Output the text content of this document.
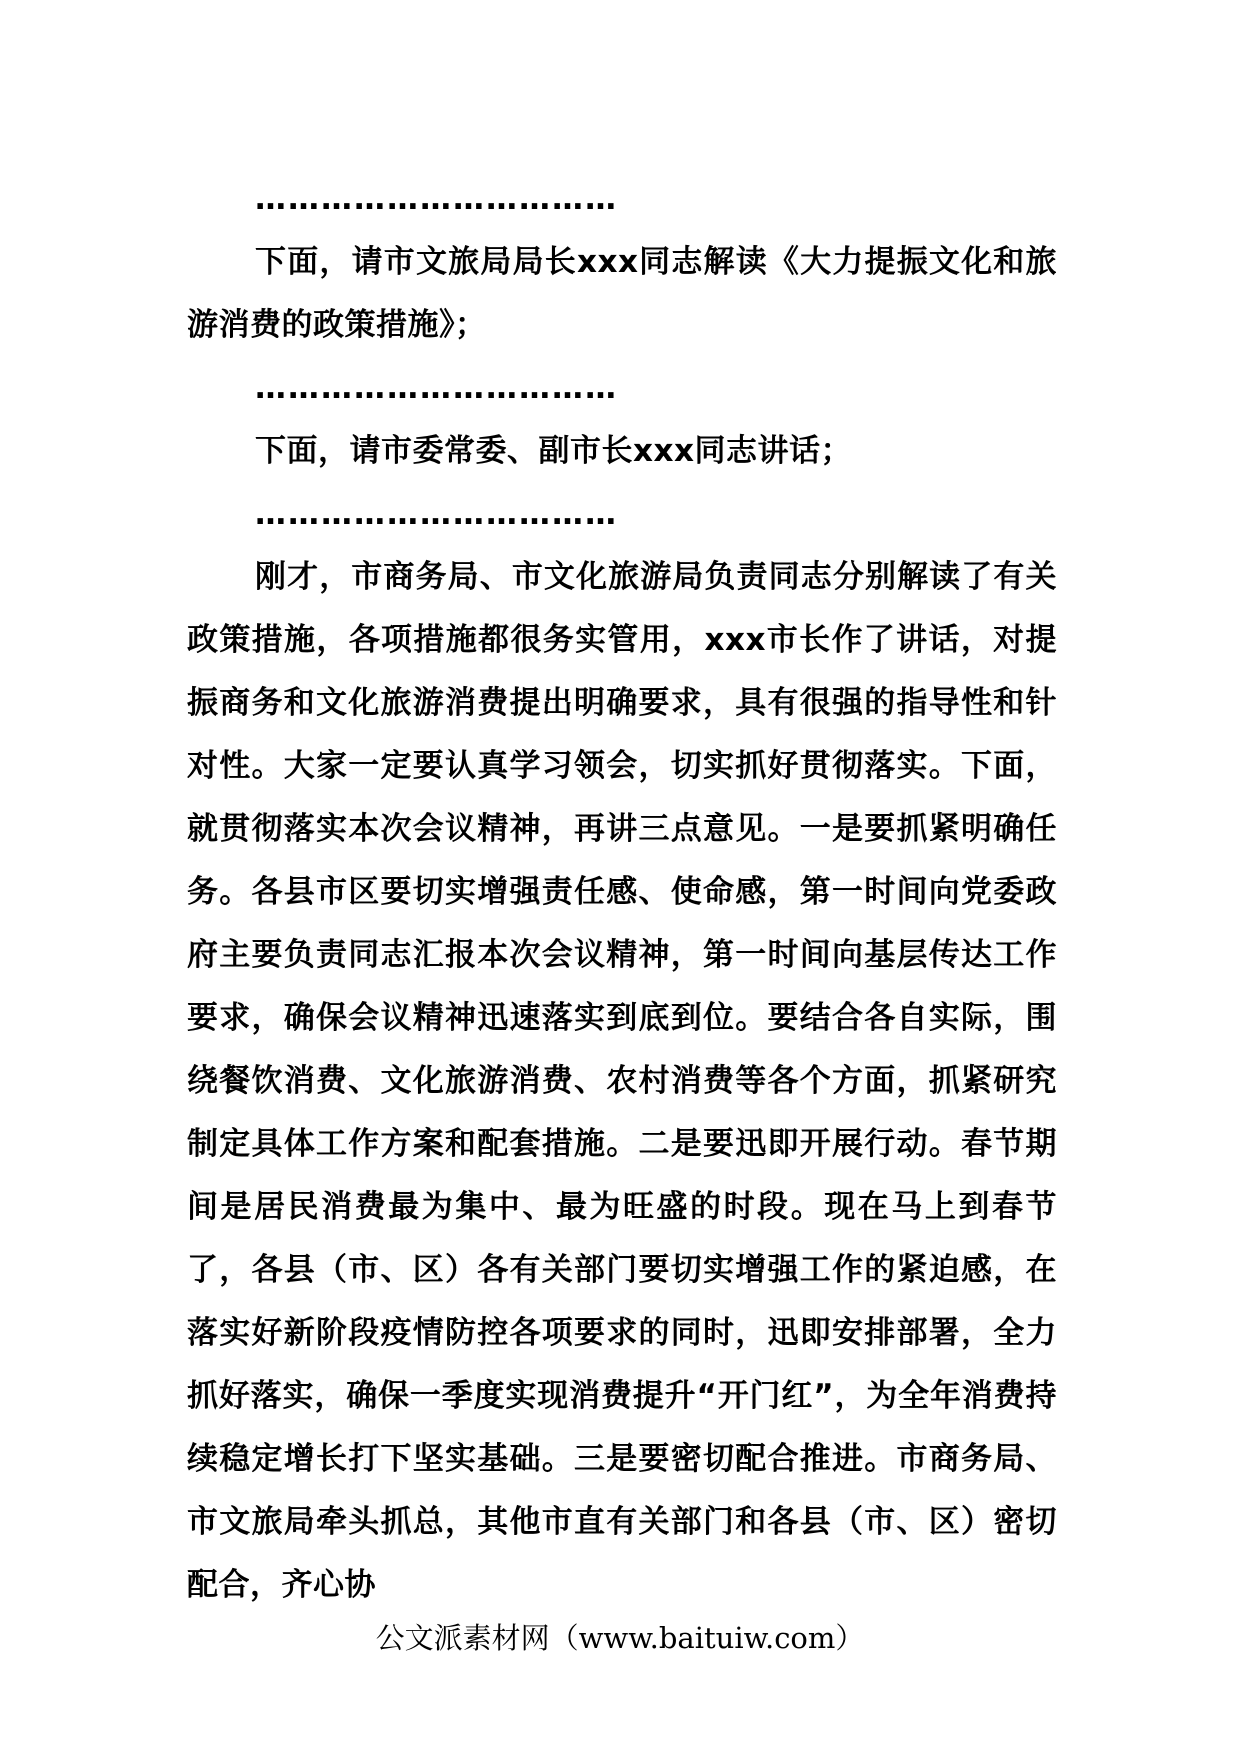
……………………………

下面，请市文旅局局长xxx同志解读《大力提振文化和旅游消费的政策措施》；

……………………………

下面，请市委常委、副市长xxx同志讲话；

……………………………

刚才，市商务局、市文化旅游局负责同志分别解读了有关政策措施，各项措施都很务实管用，xxx市长作了讲话，对提振商务和文化旅游消费提出明确要求，具有很强的指导性和针对性。大家一定要认真学习领会，切实抓好贯彻落实。下面，就贯彻落实本次会议精神，再讲三点意见。一是要抓紧明确任务。各县市区要切实增强责任感、使命感，第一时间向党委政府主要负责同志汇报本次会议精神，第一时间向基层传达工作要求，确保会议精神迅速落实到底到位。要结合各自实际，围绕餐饮消费、文化旅游消费、农村消费等各个方面，抓紧研究制定具体工作方案和配套措施。二是要迅即开展行动。春节期间是居民消费最为集中、最为旺盛的时段。现在马上到春节了，各县（市、区）各有关部门要切实增强工作的紧迫感，在落实好新阶段疫情防控各项要求的同时，迅即安排部署，全力抓好落实，确保一季度实现消费提升“开门红”，为全年消费持续稳定增长打下坚实基础。三是要密切配合推进。市商务局、市文旅局牵头抓总，其他市直有关部门和各县（市、区）密切配合，齐心协

公文派素材网（www.baituiw.com）
